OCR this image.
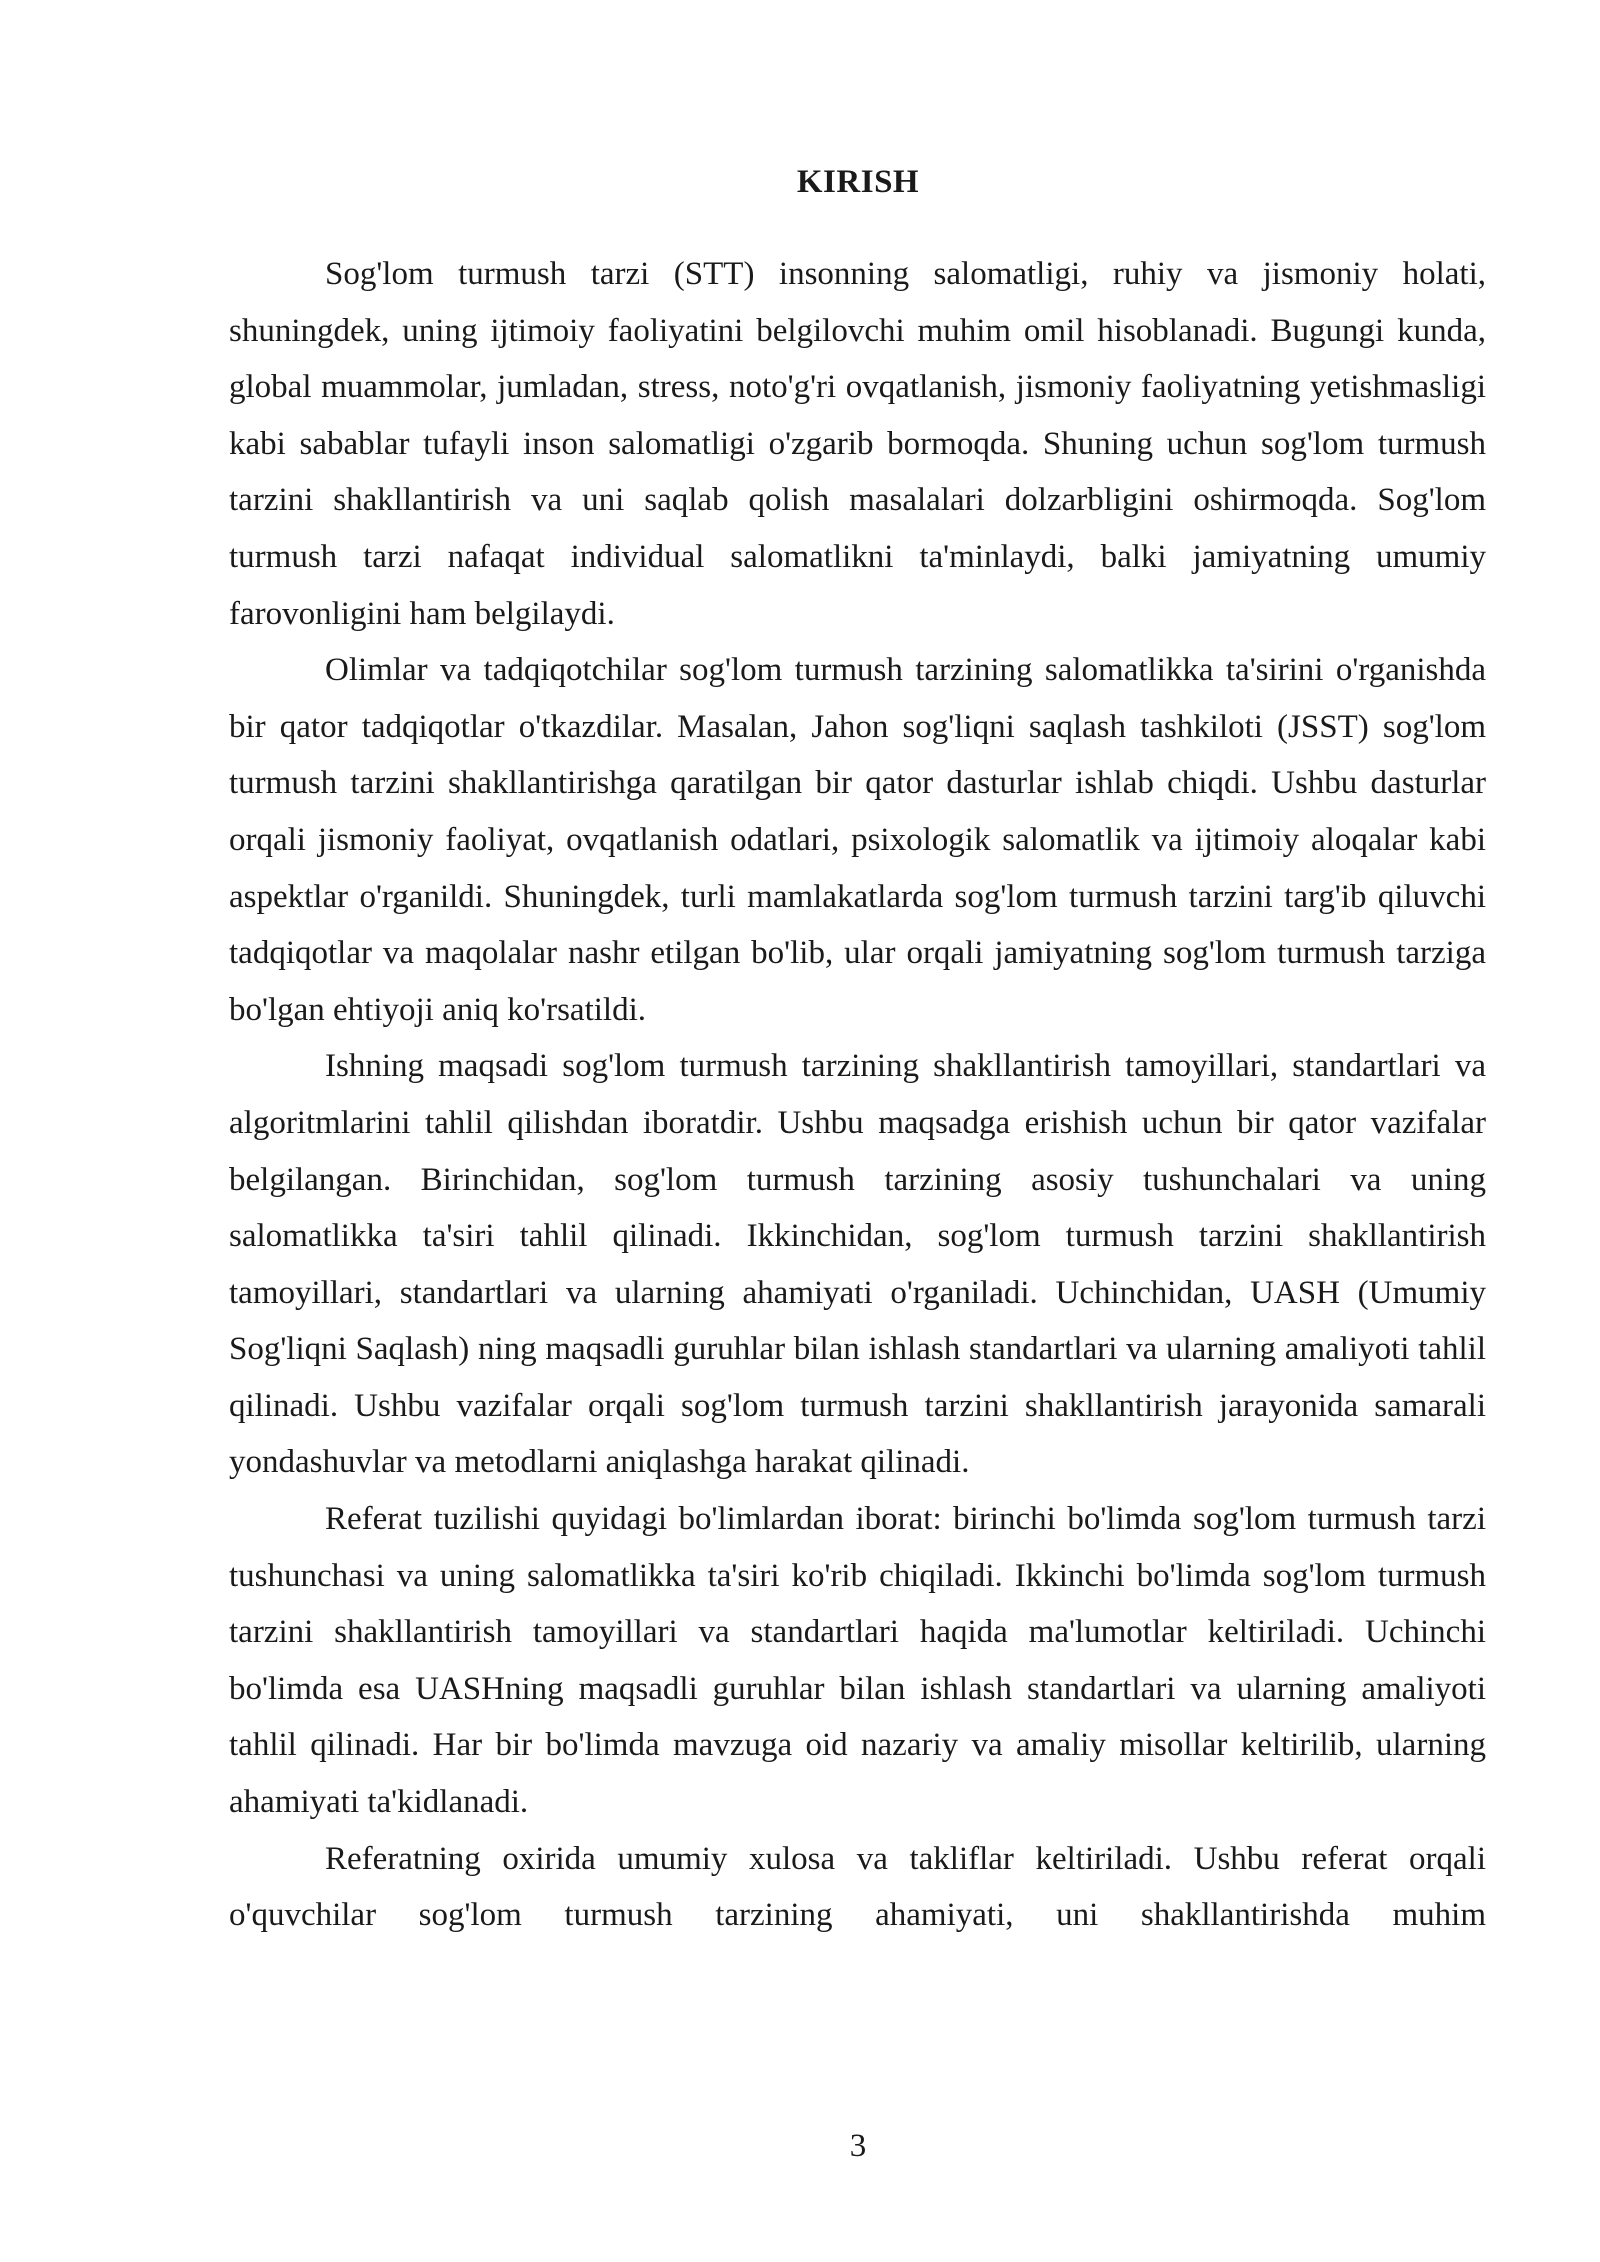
KIRISH

Sog'lom turmush tarzi (STT) insonning salomatligi, ruhiy va jismoniy holati, shuningdek, uning ijtimoiy faoliyatini belgilovchi muhim omil hisoblanadi. Bugungi kunda, global muammolar, jumladan, stress, noto'g'ri ovqatlanish, jismoniy faoliyatning yetishmasligi kabi sabablar tufayli inson salomatligi o'zgarib bormoqda. Shuning uchun sog'lom turmush tarzini shakllantirish va uni saqlab qolish masalalari dolzarbligini oshirmoqda. Sog'lom turmush tarzi nafaqat individual salomatlikni ta'minlaydi, balki jamiyatning umumiy farovonligini ham belgilaydi.

Olimlar va tadqiqotchilar sog'lom turmush tarzining salomatlikka ta'sirini o'rganishda bir qator tadqiqotlar o'tkazdilar. Masalan, Jahon sog'liqni saqlash tashkiloti (JSST) sog'lom turmush tarzini shakllantirishga qaratilgan bir qator dasturlar ishlab chiqdi. Ushbu dasturlar orqali jismoniy faoliyat, ovqatlanish odatlari, psixologik salomatlik va ijtimoiy aloqalar kabi aspektlar o'rganildi. Shuningdek, turli mamlakatlarda sog'lom turmush tarzini targ'ib qiluvchi tadqiqotlar va maqolalar nashr etilgan bo'lib, ular orqali jamiyatning sog'lom turmush tarziga bo'lgan ehtiyoji aniq ko'rsatildi.

Ishning maqsadi sog'lom turmush tarzining shakllantirish tamoyillari, standartlari va algoritmlarini tahlil qilishdan iboratdir. Ushbu maqsadga erishish uchun bir qator vazifalar belgilangan. Birinchidan, sog'lom turmush tarzining asosiy tushunchalari va uning salomatlikka ta'siri tahlil qilinadi. Ikkinchidan, sog'lom turmush tarzini shakllantirish tamoyillari, standartlari va ularning ahamiyati o'rganiladi. Uchinchidan, UASH (Umumiy Sog'liqni Saqlash) ning maqsadli guruhlar bilan ishlash standartlari va ularning amaliyoti tahlil qilinadi. Ushbu vazifalar orqali sog'lom turmush tarzini shakllantirish jarayonida samarali yondashuvlar va metodlarni aniqlashga harakat qilinadi.

Referat tuzilishi quyidagi bo'limlardan iborat: birinchi bo'limda sog'lom turmush tarzi tushunchasi va uning salomatlikka ta'siri ko'rib chiqiladi. Ikkinchi bo'limda sog'lom turmush tarzini shakllantirish tamoyillari va standartlari haqida ma'lumotlar keltiriladi. Uchinchi bo'limda esa UASHning maqsadli guruhlar bilan ishlash standartlari va ularning amaliyoti tahlil qilinadi. Har bir bo'limda mavzuga oid nazariy va amaliy misollar keltirilib, ularning ahamiyati ta'kidlanadi.

Referatning oxirida umumiy xulosa va takliflar keltiriladi. Ushbu referat orqali o'quvchilar sog'lom turmush tarzining ahamiyati, uni shakllantirishda muhim

3
